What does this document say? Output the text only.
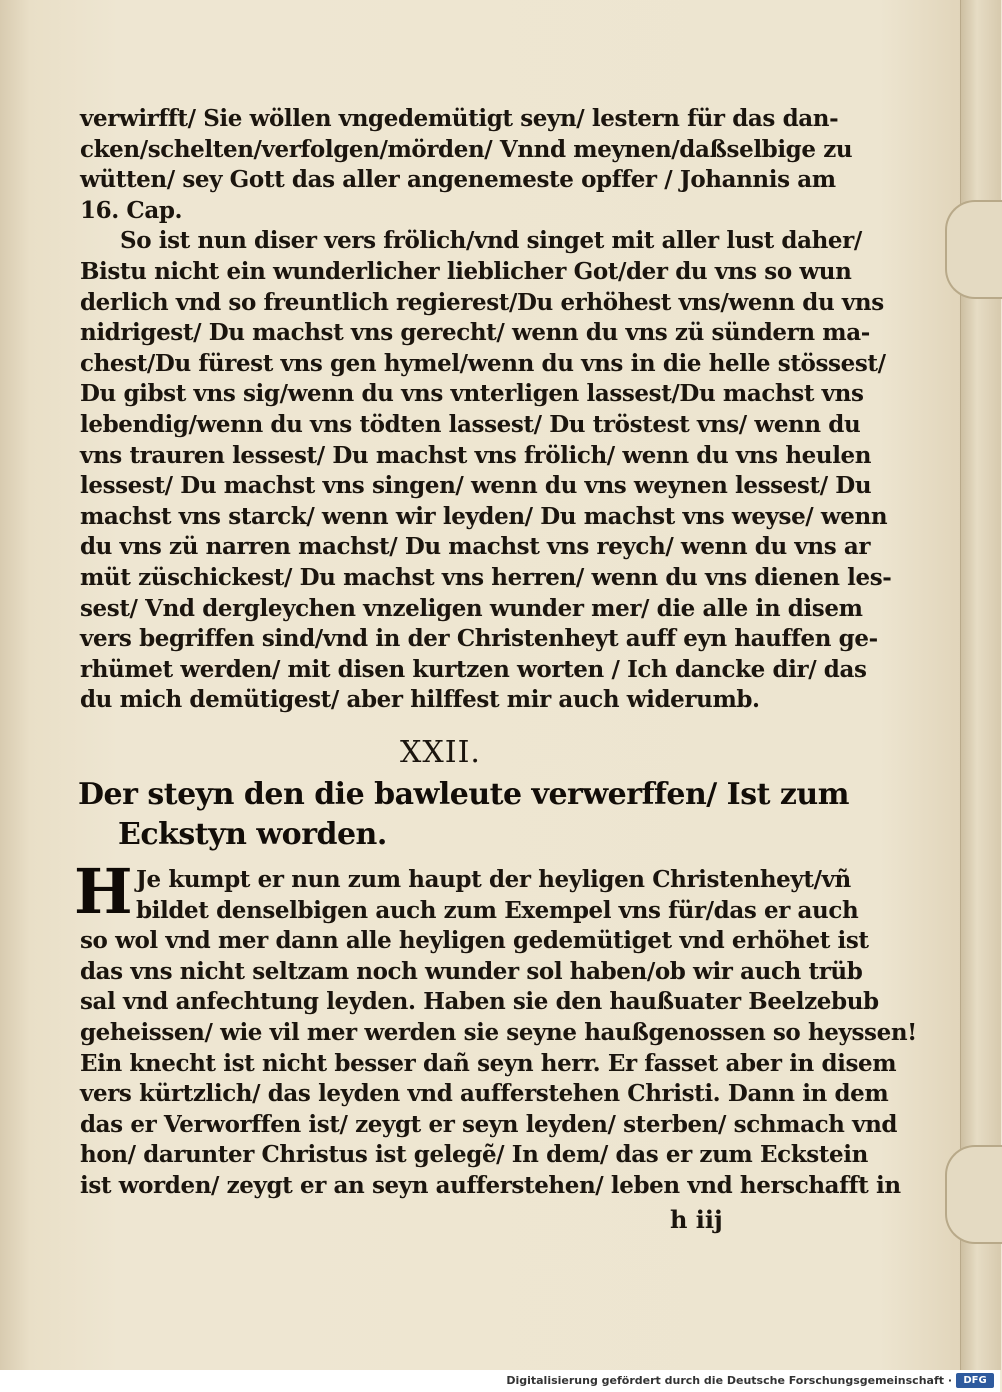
verwirfft/ Sie wöllen vngedemütigt seyn/ lestern für das dan-
cken/schelten/verfolgen/mörden/ Vnnd meynen/daßselbige zu
wütten/ sey Gott das aller angenemeste opffer / Johannis am
16. Cap.
So ist nun diser vers frölich/vnd singet mit aller lust daher/
Bistu nicht ein wunderlicher lieblicher Got/der du vns so wun
derlich vnd so freuntlich regierest/Du erhöhest vns/wenn du vns
nidrigest/ Du machst vns gerecht/ wenn du vns zü sündern ma-
chest/Du fürest vns gen hymel/wenn du vns in die helle stössest/
Du gibst vns sig/wenn du vns vnterligen lassest/Du machst vns
lebendig/wenn du vns tödten lassest/ Du tröstest vns/ wenn du
vns trauren lessest/ Du machst vns frölich/ wenn du vns heulen
lessest/ Du machst vns singen/ wenn du vns weynen lessest/ Du
machst vns starck/ wenn wir leyden/ Du machst vns weyse/ wenn
du vns zü narren machst/ Du machst vns reych/ wenn du vns ar
müt züschickest/ Du machst vns herren/ wenn du vns dienen les-
sest/ Vnd dergleychen vnzeligen wunder mer/ die alle in disem
vers begriffen sind/vnd in der Christenheyt auff eyn hauffen ge-
rhümet werden/ mit disen kurtzen worten / Ich dancke dir/ das
du mich demütigest/ aber hilffest mir auch widerumb.
XXII.
Der steyn den die bawleute verwerffen/ Ist zum
Eckstyn worden.
H Je kumpt er nun zum haupt der heyligen Christenheyt/vñ
bildet denselbigen auch zum Exempel vns für/das er auch
so wol vnd mer dann alle heyligen gedemütiget vnd erhöhet ist
das vns nicht seltzam noch wunder sol haben/ob wir auch trüb
sal vnd anfechtung leyden. Haben sie den haußuater Beelzebub
geheissen/ wie vil mer werden sie seyne haußgenossen so heyssen!
Ein knecht ist nicht besser dañ seyn herr. Er fasset aber in disem
vers kürtzlich/ das leyden vnd aufferstehen Christi. Dann in dem
das er Verworffen ist/ zeygt er seyn leyden/ sterben/ schmach vnd
hon/ darunter Christus ist gelegẽ/ In dem/ das er zum Eckstein
ist worden/ zeygt er an seyn aufferstehen/ leben vnd herschafft in
h iij
Digitalisierung gefördert durch die Deutsche Forschungsgemeinschaft ·	DFG
